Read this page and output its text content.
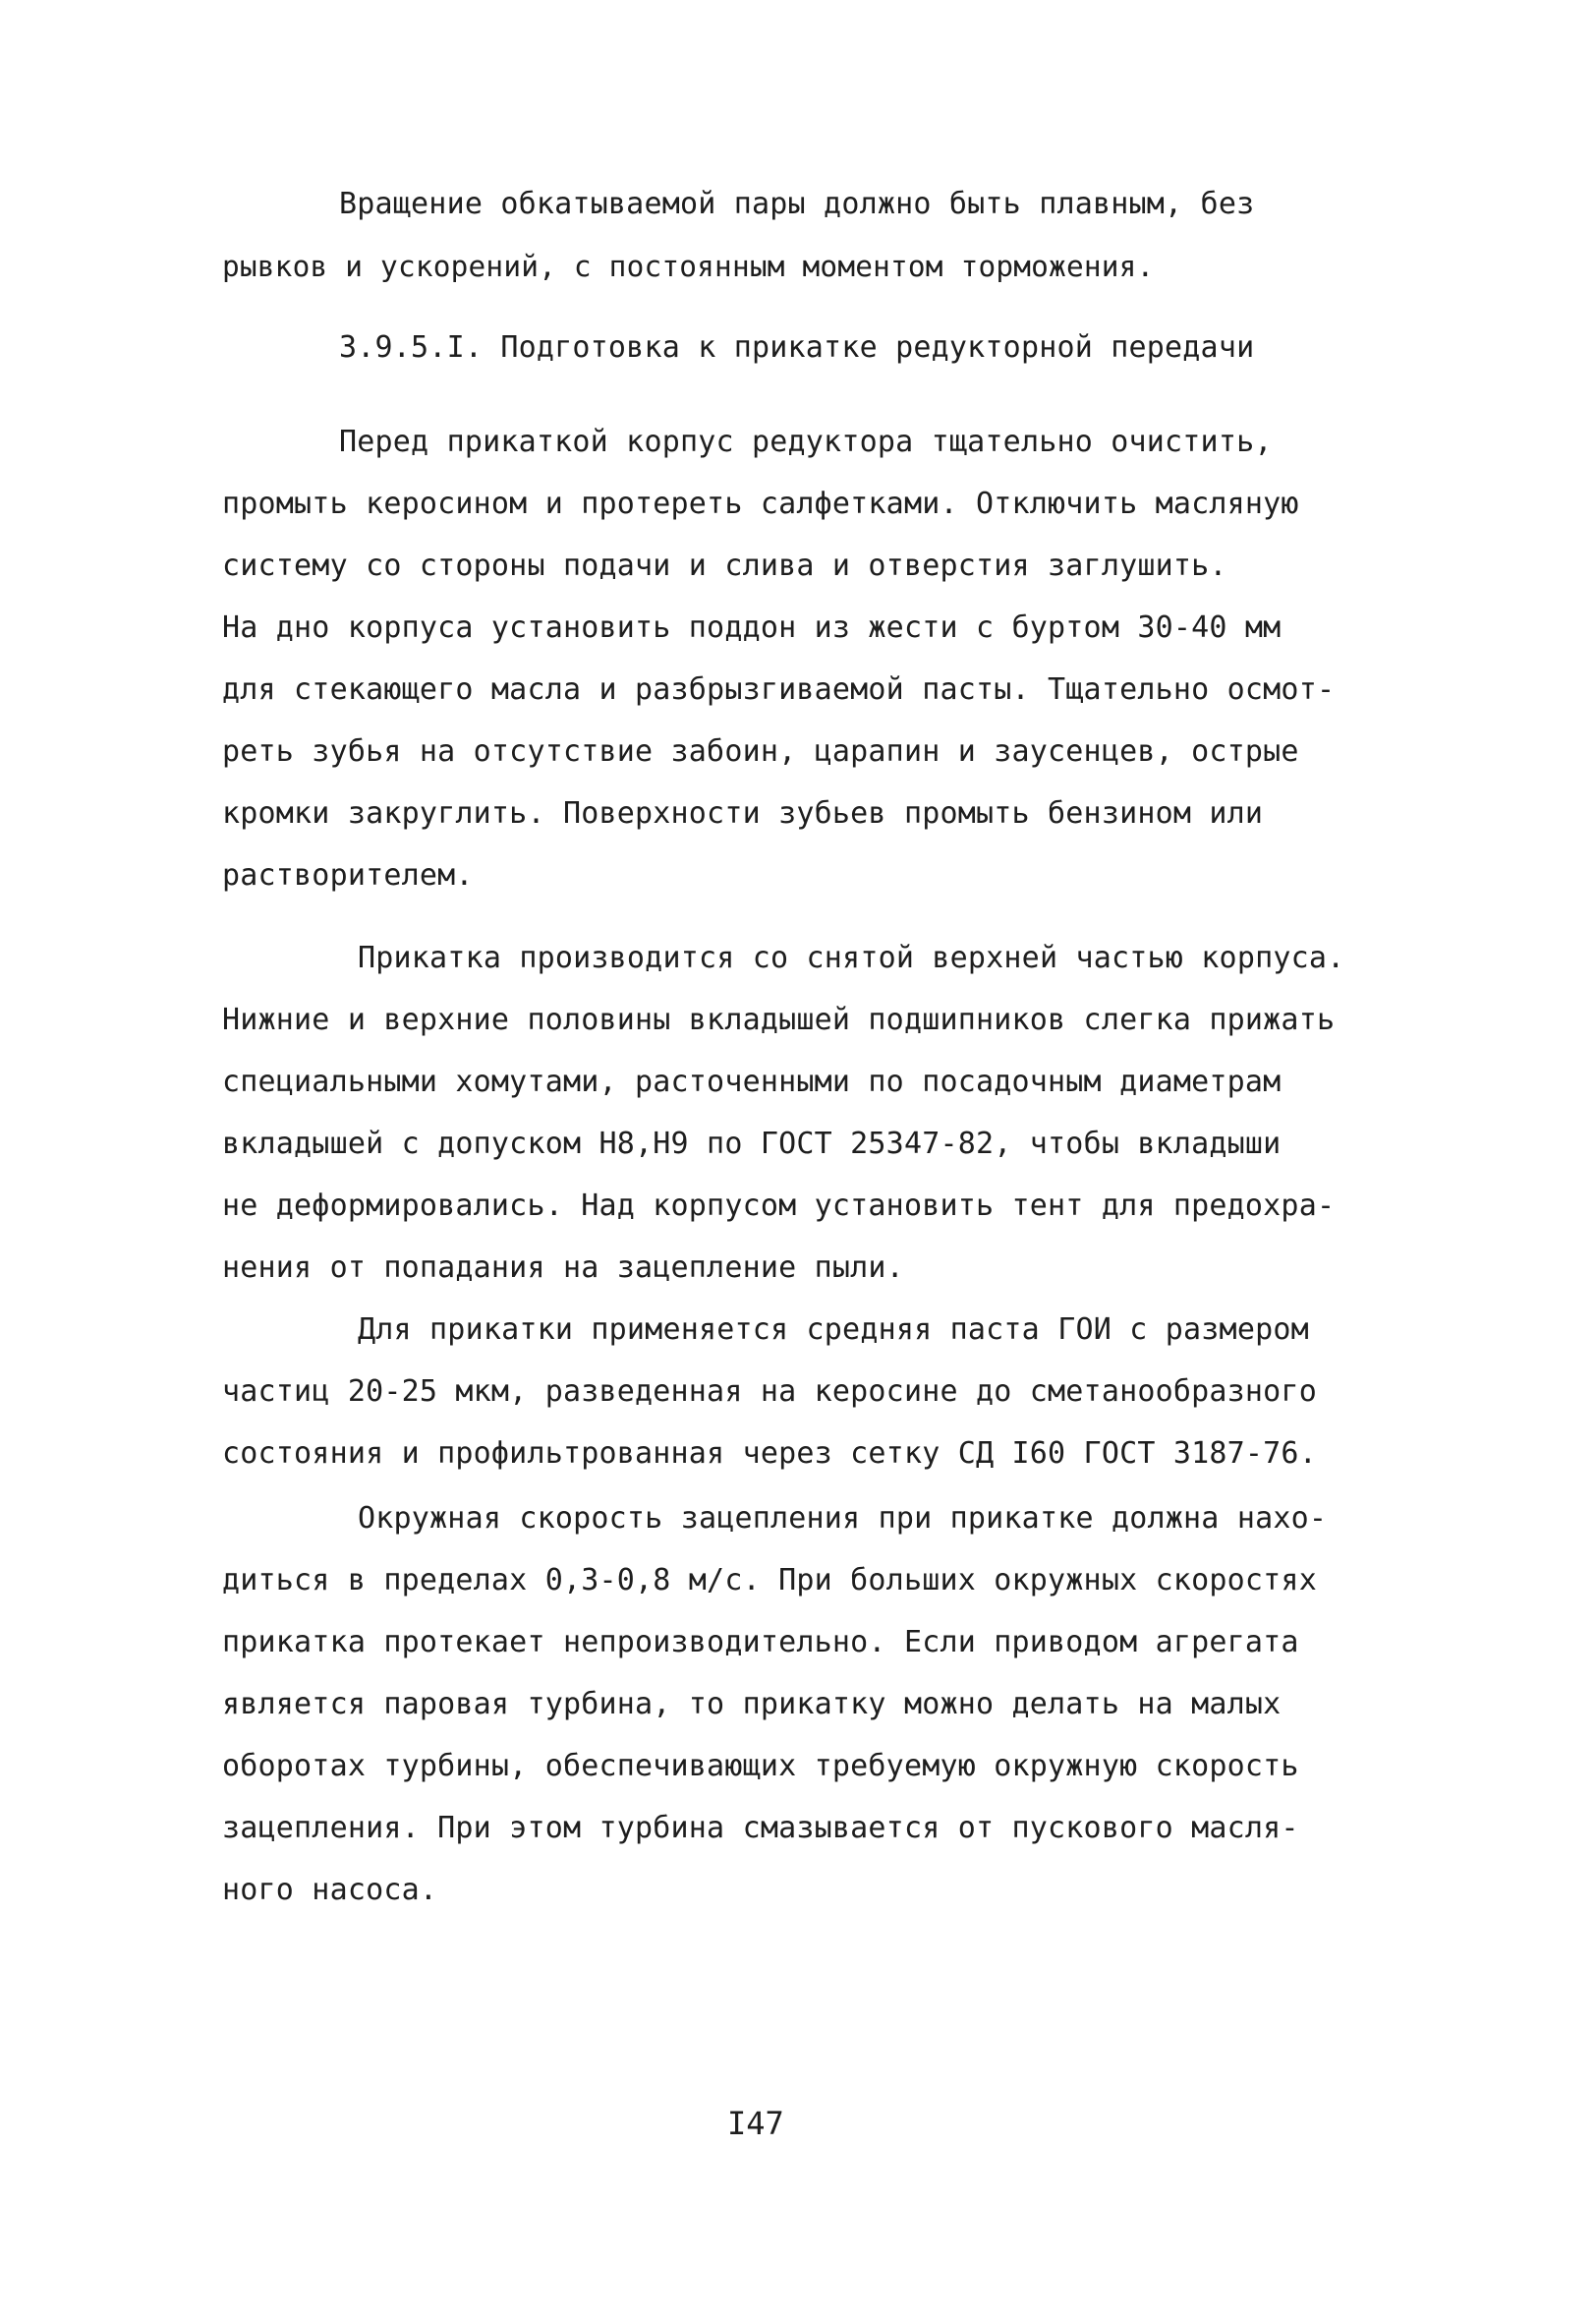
Вращение обкатываемой пары должно быть плавным, без
рывков и ускорений, с постоянным моментом торможения.
3.9.5.I. Подготовка к прикатке редукторной передачи
Перед прикаткой корпус редуктора тщательно очистить,
промыть керосином и протереть салфетками. Отключить масляную
систему со стороны подачи и слива и отверстия заглушить.
На дно корпуса установить поддон из жести с буртом 30-40 мм
для стекающего масла и разбрызгиваемой пасты. Тщательно осмот-
реть зубья на отсутствие забоин, царапин и заусенцев, острые
кромки закруглить. Поверхности зубьев промыть бензином или
растворителем.
Прикатка производится со снятой верхней частью корпуса.
Нижние и верхние половины вкладышей подшипников слегка прижать
специальными хомутами, расточенными по посадочным диаметрам
вкладышей с допуском Н8,Н9 по ГОСТ 25347-82, чтобы вкладыши
не деформировались. Над корпусом установить тент для предохра-
нения от попадания на зацепление пыли.
Для прикатки применяется средняя паста ГОИ с размером
частиц 20-25 мкм, разведенная на керосине до сметанообразного
состояния и профильтрованная через сетку СД I60 ГОСТ 3187-76.
Окружная скорость зацепления при прикатке должна нахо-
диться в пределах 0,3-0,8 м/с. При больших окружных скоростях
прикатка протекает непроизводительно. Если приводом агрегата
является паровая турбина, то прикатку можно делать на малых
оборотах турбины, обеспечивающих требуемую окружную скорость
зацепления. При этом турбина смазывается от пускового масля-
ного насоса.
I47
